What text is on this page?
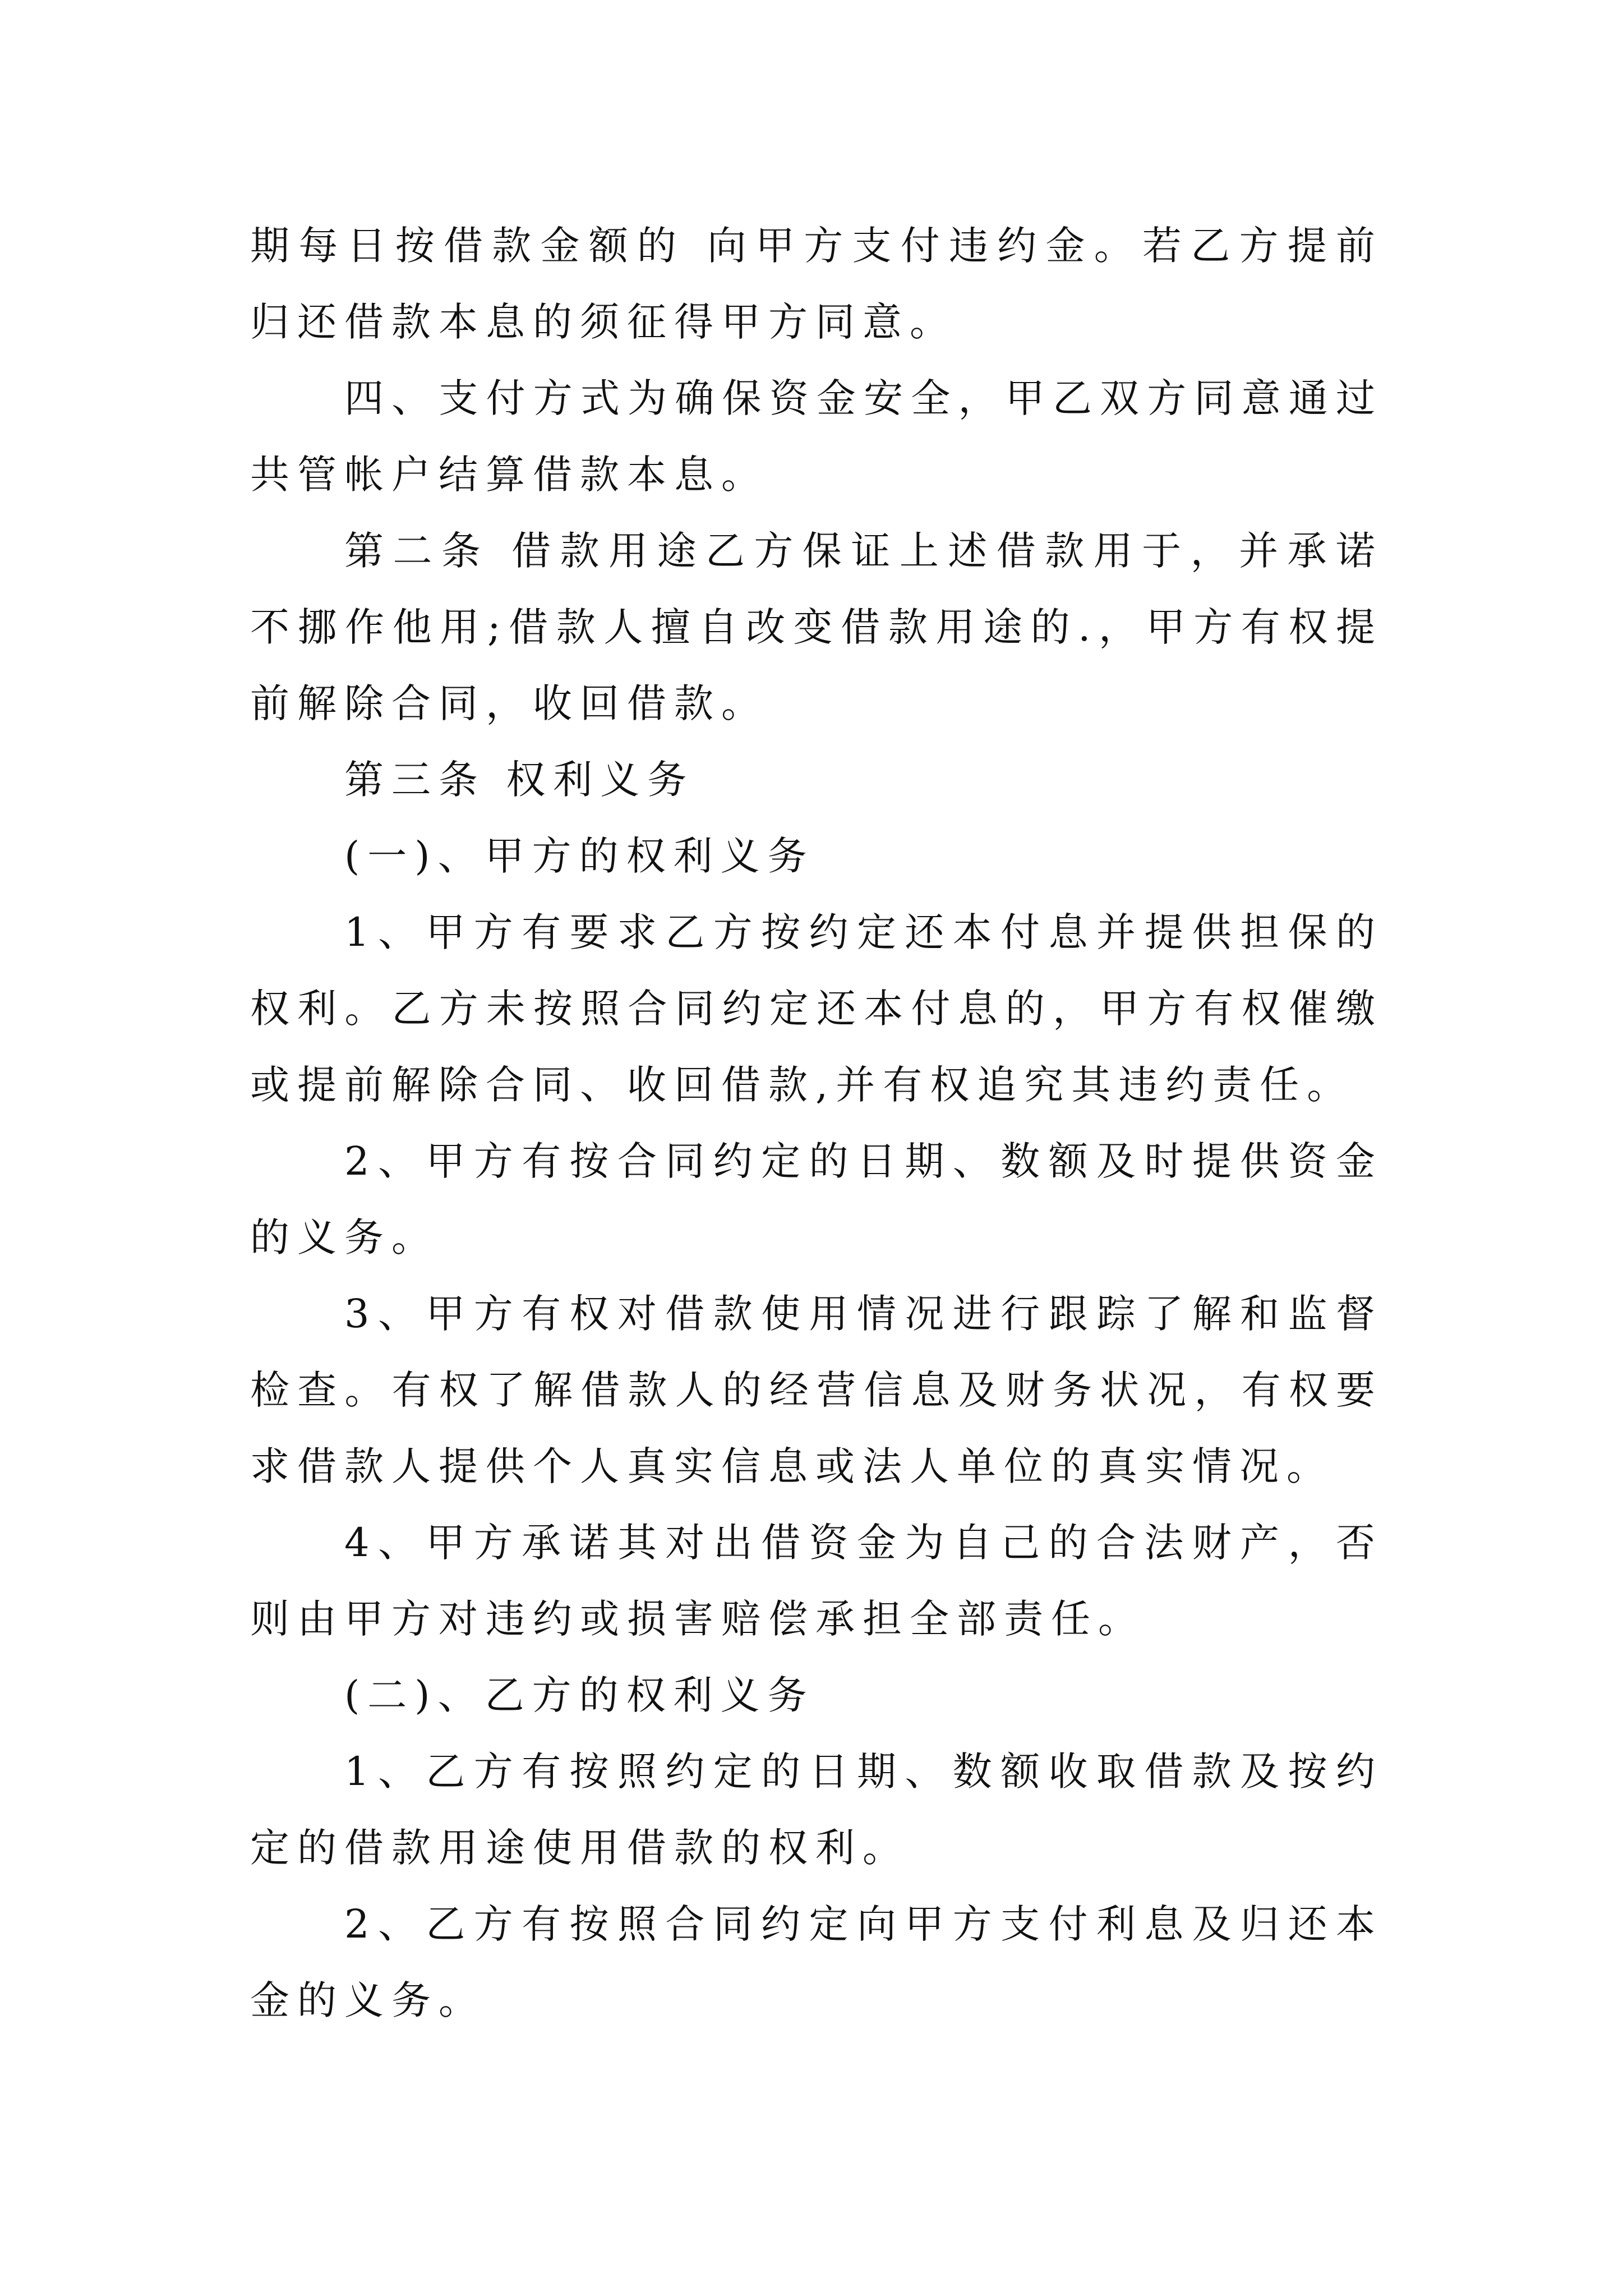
期每日按借款金额的 向甲方支付违约金。若乙方提前归还借款本息的须征得甲方同意。

四、支付方式为确保资金安全，甲乙双方同意通过共管帐户结算借款本息。

第二条 借款用途乙方保证上述借款用于，并承诺不挪作他用;借款人擅自改变借款用途的.，甲方有权提前解除合同，收回借款。

第三条 权利义务

(一)、甲方的权利义务

1、甲方有要求乙方按约定还本付息并提供担保的权利。乙方未按照合同约定还本付息的，甲方有权催缴或提前解除合同、收回借款,并有权追究其违约责任。

2、甲方有按合同约定的日期、数额及时提供资金的义务。

3、甲方有权对借款使用情况进行跟踪了解和监督检查。有权了解借款人的经营信息及财务状况，有权要求借款人提供个人真实信息或法人单位的真实情况。

4、甲方承诺其对出借资金为自己的合法财产，否则由甲方对违约或损害赔偿承担全部责任。

(二)、乙方的权利义务

1、乙方有按照约定的日期、数额收取借款及按约定的借款用途使用借款的权利。

2、乙方有按照合同约定向甲方支付利息及归还本金的义务。
